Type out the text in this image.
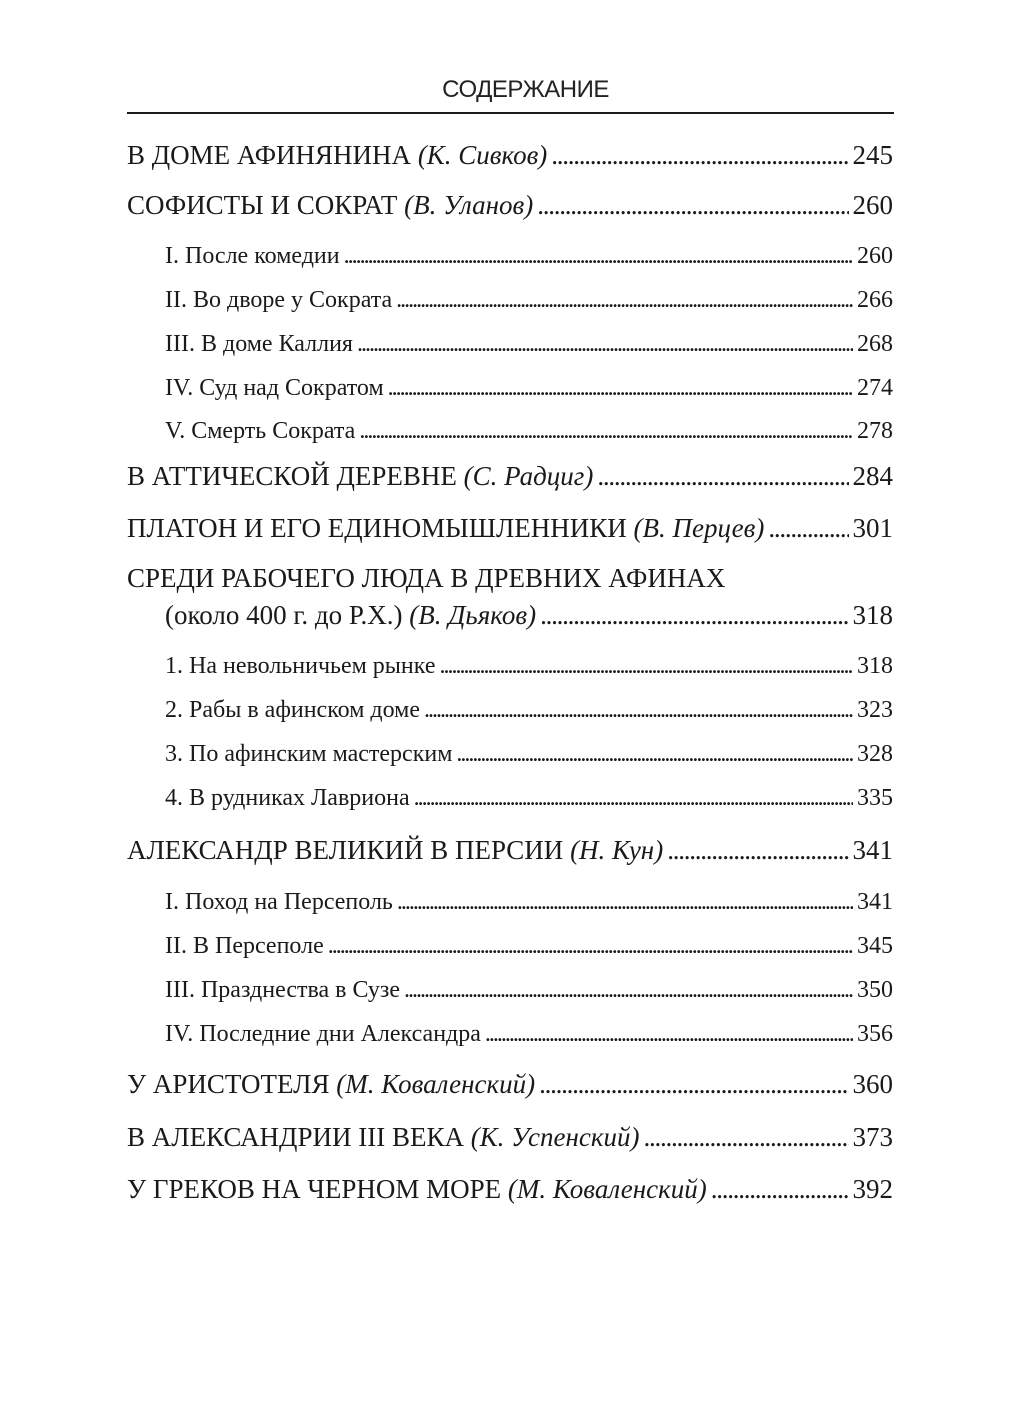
СОДЕРЖАНИЕ
В ДОМЕ АФИНЯНИНА (К. Сивков) . . .	245
СОФИСТЫ И СОКРАТ (В. Уланов) . . .	260
I. После комедии . . .	260
II. Во дворе у Сократа . . .	266
III. В доме Каллия . . .	268
IV. Суд над Сократом . . .	274
V. Смерть Сократа . . .	278
В АТТИЧЕСКОЙ ДЕРЕВНЕ (С. Радциг) . . .	284
ПЛАТОН И ЕГО ЕДИНОМЫШЛЕННИКИ (В. Перцев) . . .	301
СРЕДИ РАБОЧЕГО ЛЮДА В ДРЕВНИХ АФИНАХ
(около 400 г. до Р.Х.) (В. Дьяков) . . .	318
1. На невольничьем рынке . . .	318
2. Рабы в афинском доме . . .	323
3. По афинским мастерским . . .	328
4. В рудниках Лавриона . . .	335
АЛЕКСАНДР ВЕЛИКИЙ В ПЕРСИИ (Н. Кун) . . .	341
I. Поход на Персеполь . . .	341
II. В Персеполе . . .	345
III. Празднества в Сузе . . .	350
IV. Последние дни Александра . . .	356
У АРИСТОТЕЛЯ (М. Коваленский) . . .	360
В АЛЕКСАНДРИИ III ВЕКА (К. Успенский) . . .	373
У ГРЕКОВ НА ЧЕРНОМ МОРЕ (М. Коваленский) . . .	392
